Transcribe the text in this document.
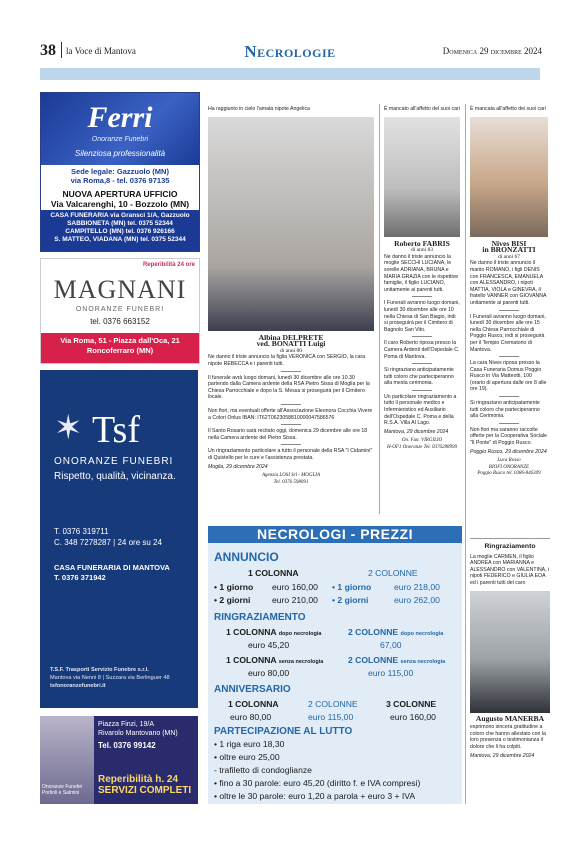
38 la Voce di Mantova	Necrologie	Domenica 29 dicembre 2024
Ferri
Onoranze Funebri
Silenziosa professionalità
Sede legale: Gazzuolo (MN)
via Roma,8 - tel. 0376 97135
NUOVA APERTURA UFFICIO
Via Valcarenghi, 10 - Bozzolo (MN)
CASA FUNERARIA via Gransci 1/A, Gazzuolo
SABBIONETA (MN) tel. 0375 52344
CAMPITELLO (MN) tel. 0376 926166
S. MATTEO, VIADANA (MN) tel. 0375 52344
Reperibilità 24 ore
MAGNANI
ONORANZE FUNEBRI
tel. 0376 663152
Via Roma, 51 - Piazza dall'Oca, 21
Roncoferraro (MN)
✶ Tsf
ONORANZE FUNEBRI
Rispetto, qualità, vicinanza.
T. 0376 319711
C. 348 7278287 | 24 ore su 24
CASA FUNERARIA DI MANTOVA
T. 0376 371942
T.S.F. Trasporti Servizio Funebre s.r.l.
Mantova via Nenni 8 | Suzzara via Berlinguer 48
tsfonoranzefunebri.it
Piazza Finzi, 19/A
Rivarolo Mantovano (MN)
Tel. 0376 99142
Reperibilità h. 24
SERVIZI COMPLETI
Onoranze Funebri
Portioli e Salmini
Ha raggiunto in cielo l'amata nipote Angelica
Albina DELPRETE
ved. BONATTI Luigi
di anni 80
Ne danno il triste annuncio la figlia VERONICA con SERGIO, la cara nipote REBECCA e i parenti tutti.
Il funerale avrà luogo domani, lunedì 30 dicembre alle ore 10.30 partendo dalla Camera ardente della RSA Pietro Sissa di Moglia per la Chiesa Parrocchiale e dopo la S. Messa si proseguirà per il Cimitero locale.
Non fiori, ma eventuali offerte all'Associazione Eleonora Cocchia Vivere a Colori Onlus IBAN: IT62T0623058810000047586576
Il Santo Rosario sarà recitato oggi, domenica 29 dicembre alle ore 18 nella Camera ardente del Pietro Sissa.
Un ringraziamento particolare a tutto il personale della RSA "I Cidamini" di Quistello per le cure e l'assistenza prestata.
Moglia, 29 dicembre 2024
Agenzia LOSI Srl - MOGLIA
Tel. 0376 598091
È mancato all'affetto dei suoi cari
Roberto FABRIS
di anni 83
Ne danno il triste annuncio la moglie SECCHI LUCIANA, le sorelle ADRIANA, BRUNA e MARIA GRAZIA con le rispettive famiglie, il figlio LUCIANO, unitamente ai parenti tutti.
I Funerali avranno luogo domani, lunedì 30 dicembre alle ore 10 nella Chiesa di San Biagio, indi si proseguirà per il Cimitero di Bagnolo San Vito.
Il caro Roberto riposa presso la Camera Ardenti dell'Ospedale C. Poma di Mantova.
Si ringraziano anticipatamente tutti coloro che parteciperanno alla mesta cerimonia.
Un particolare ringraziamento a tutto il personale medico e Infermieristico ed Ausiliario dell'Ospedale C. Poma e della R.S.A. Villa Al Lago.
Mantova, 29 dicembre 2024
On. Fun. VIRGILIO
H-OF1 Onoranze Tel. 0376288999
È mancata all'affetto dei suoi cari
Nives BISI
in BRONZATTI
di anni 67
Ne danno il triste annuncio il marito ROMANO, i figli DENIS con FRANCESCA, EMANUELA con ALESSANDRO, i nipoti MATTIA, VIOLA e GINEVRA, il fratello VANNER con GIOVANNA unitamente ai parenti tutti.
I Funerali avranno luogo domani, lunedì 30 dicembre alle ore 15 nella Chiesa Parrocchiale di Poggio Rusco, indi si proseguirà per il Tempio Crematorio di Mantova.
La cara Nives riposa presso la Casa Funeraria Domus Poggio Rusco in Via Matteotti, 100 (orario di apertura dalle ore 8 alle ore 19).
Si ringraziano anticipatamente tutti coloro che parteciperanno alla Cerimonia.
Non fiori ma saranno raccolte offerte per la Cooperativa Sociale "Il Ponte" di Poggio Rusco.
Poggio Rusco, 29 dicembre 2024
Luca Rosso
BIOFI ONORANZE
Poggio Rusco tel. 0386-846309
Ringraziamento
La moglie CARMEN, il figlio ANDREA con MARIANNA e ALESSANDRO con VALENTINA, i nipoti FEDERICO e GIULIA EOA ed i parenti tutti del caro
Augusto MANERBA
esprimono sincera gratitudine a coloro che hanno allestato con la loro presenza o testimonianza il dolore che li ha colpiti.
Mantova, 29 dicembre 2024
NECROLOGI - PREZZI
ANNUNCIO
1 COLONNA	2 COLONNE
• 1 giorno euro 160,00 • 1 giorno	euro 218,00
• 2 giorni	euro 210,00 • 2 giorni	euro 262,00
RINGRAZIAMENTO
1 COLONNA dopo necrologia	2 COLONNE dopo necrologia
euro 45,20	67,00
1 COLONNA senza necrologia	2 COLONNE senza necrologia
euro 80,00	euro 115,00
ANNIVERSARIO
1 COLONNA	2 COLONNE	3 COLONNE
euro 80,00	euro 115,00	euro 160,00
PARTECIPAZIONE AL LUTTO
• 1 riga euro 18,30
• oltre euro 25,00
- trafiletto di condoglianze
• fino a 30 parole: euro 45,20 (diritto f. e IVA compresi)
• oltre le 30 parole: euro 1,20 a parola + euro 3 + IVA
